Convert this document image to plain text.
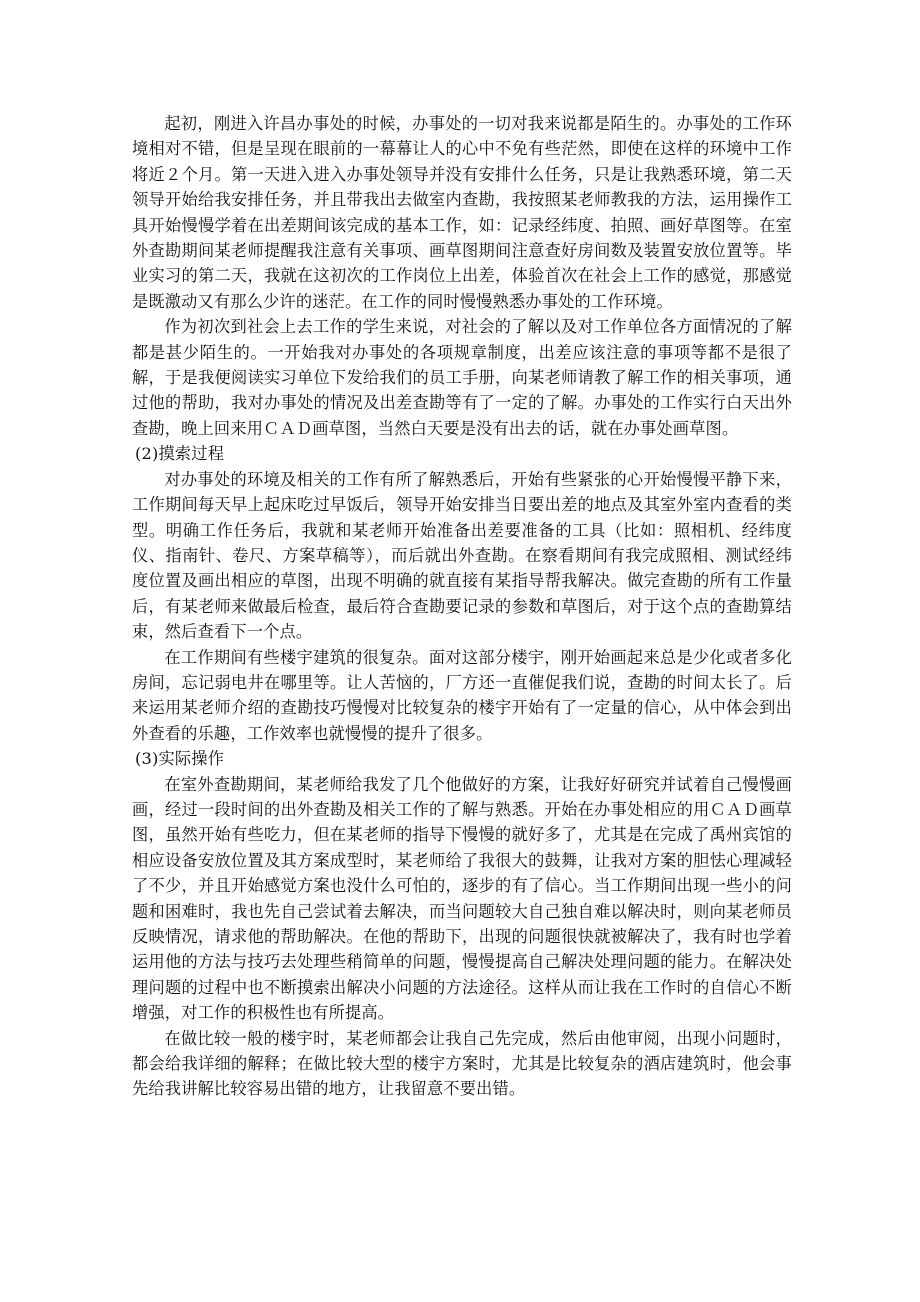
起初，刚进入许昌办事处的时候，办事处的一切对我来说都是陌生的。办事处的工作环境相对不错，但是呈现在眼前的一幕幕让人的心中不免有些茫然，即使在这样的环境中工作将近２个月。第一天进入进入办事处领导并没有安排什么任务，只是让我熟悉环境，第二天领导开始给我安排任务，并且带我出去做室内查勘，我按照某老师教我的方法，运用操作工具开始慢慢学着在出差期间该完成的基本工作，如：记录经纬度、拍照、画好草图等。在室外查勘期间某老师提醒我注意有关事项、画草图期间注意查好房间数及装置安放位置等。毕业实习的第二天，我就在这初次的工作岗位上出差，体验首次在社会上工作的感觉，那感觉是既激动又有那么少许的迷茫。在工作的同时慢慢熟悉办事处的工作环境。

作为初次到社会上去工作的学生来说，对社会的了解以及对工作单位各方面情况的了解都是甚少陌生的。一开始我对办事处的各项规章制度，出差应该注意的事项等都不是很了解，于是我便阅读实习单位下发给我们的员工手册，向某老师请教了解工作的相关事项，通过他的帮助，我对办事处的情况及出差查勘等有了一定的了解。办事处的工作实行白天出外查勘，晚上回来用ＣＡＤ画草图，当然白天要是没有出去的话，就在办事处画草图。

(2)摸索过程

对办事处的环境及相关的工作有所了解熟悉后，开始有些紧张的心开始慢慢平静下来，工作期间每天早上起床吃过早饭后，领导开始安排当日要出差的地点及其室外室内查看的类型。明确工作任务后，我就和某老师开始准备出差要准备的工具（比如：照相机、经纬度仪、指南针、卷尺、方案草稿等），而后就出外查勘。在察看期间有我完成照相、测试经纬度位置及画出相应的草图，出现不明确的就直接有某指导帮我解决。做完查勘的所有工作量后，有某老师来做最后检查，最后符合查勘要记录的参数和草图后，对于这个点的查勘算结束，然后查看下一个点。

在工作期间有些楼宇建筑的很复杂。面对这部分楼宇，刚开始画起来总是少化或者多化房间，忘记弱电井在哪里等。让人苦恼的，厂方还一直催促我们说，查勘的时间太长了。后来运用某老师介绍的查勘技巧慢慢对比较复杂的楼宇开始有了一定量的信心，从中体会到出外查看的乐趣，工作效率也就慢慢的提升了很多。

(3)实际操作

在室外查勘期间，某老师给我发了几个他做好的方案，让我好好研究并试着自己慢慢画画，经过一段时间的出外查勘及相关工作的了解与熟悉。开始在办事处相应的用ＣＡＤ画草图，虽然开始有些吃力，但在某老师的指导下慢慢的就好多了，尤其是在完成了禹州宾馆的相应设备安放位置及其方案成型时，某老师给了我很大的鼓舞，让我对方案的胆怯心理减轻了不少，并且开始感觉方案也没什么可怕的，逐步的有了信心。当工作期间出现一些小的问题和困难时，我也先自己尝试着去解决，而当问题较大自己独自难以解决时，则向某老师员反映情况，请求他的帮助解决。在他的帮助下，出现的问题很快就被解决了，我有时也学着运用他的方法与技巧去处理些稍简单的问题，慢慢提高自己解决处理问题的能力。在解决处理问题的过程中也不断摸索出解决小问题的方法途径。这样从而让我在工作时的自信心不断增强，对工作的积极性也有所提高。

在做比较一般的楼宇时，某老师都会让我自己先完成，然后由他审阅，出现小问题时，都会给我详细的解释；在做比较大型的楼宇方案时，尤其是比较复杂的酒店建筑时，他会事先给我讲解比较容易出错的地方，让我留意不要出错。
